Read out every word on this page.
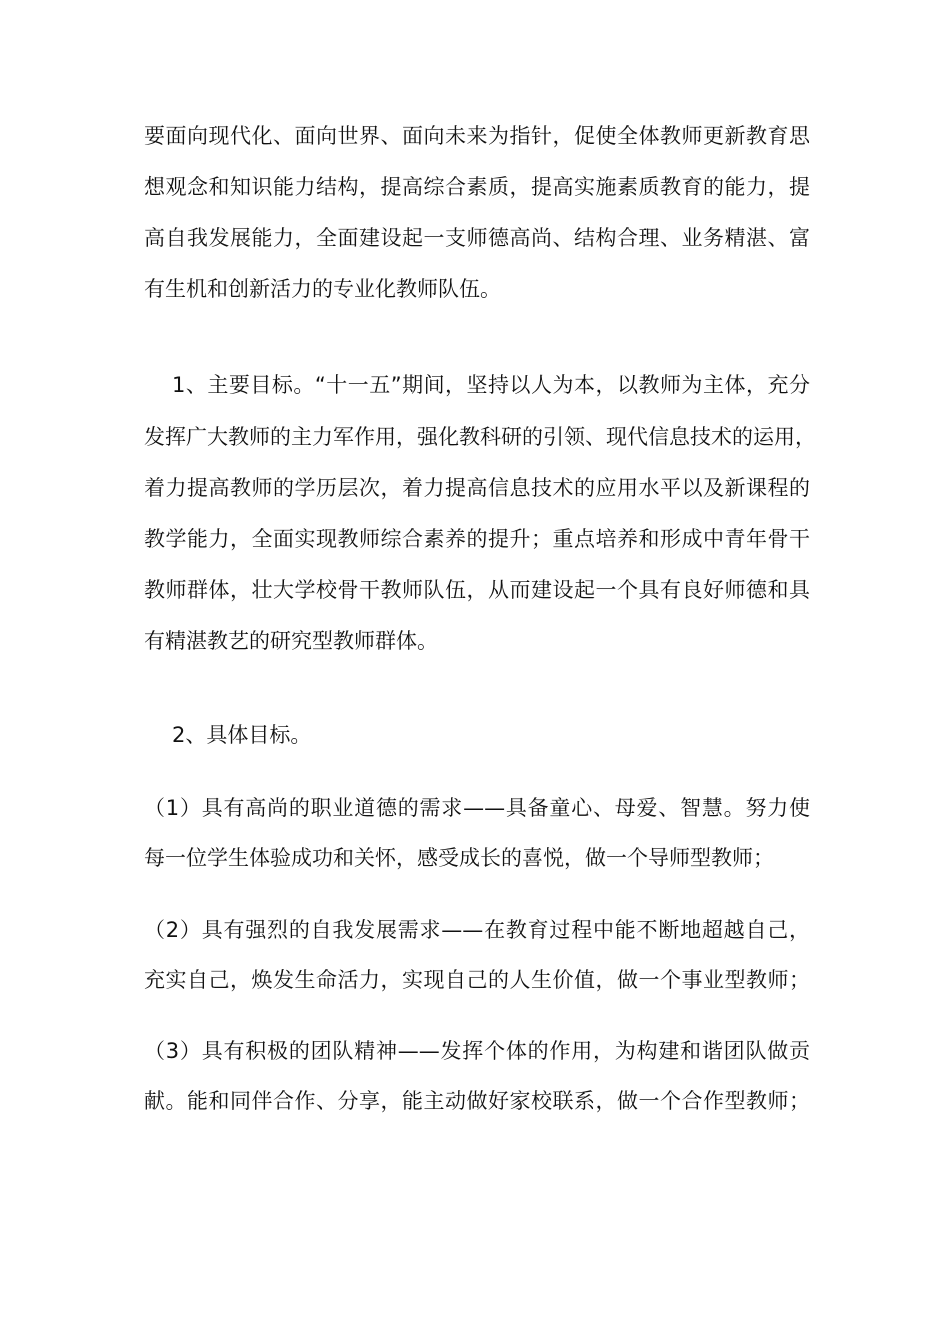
要面向现代化、面向世界、面向未来为指针，促使全体教师更新教育思
想观念和知识能力结构，提高综合素质，提高实施素质教育的能力，提
高自我发展能力，全面建设起一支师德高尚、结构合理、业务精湛、富
有生机和创新活力的专业化教师队伍。
1、主要目标。“十一五”期间，坚持以人为本，以教师为主体，充分
发挥广大教师的主力军作用，强化教科研的引领、现代信息技术的运用，
着力提高教师的学历层次，着力提高信息技术的应用水平以及新课程的
教学能力，全面实现教师综合素养的提升；重点培养和形成中青年骨干
教师群体，壮大学校骨干教师队伍，从而建设起一个具有良好师德和具
有精湛教艺的研究型教师群体。
2、具体目标。
（1）具有高尚的职业道德的需求——具备童心、母爱、智慧。努力使
每一位学生体验成功和关怀，感受成长的喜悦，做一个导师型教师；
（2）具有强烈的自我发展需求——在教育过程中能不断地超越自己，
充实自己，焕发生命活力，实现自己的人生价值，做一个事业型教师；
（3）具有积极的团队精神——发挥个体的作用，为构建和谐团队做贡
献。能和同伴合作、分享，能主动做好家校联系，做一个合作型教师；
